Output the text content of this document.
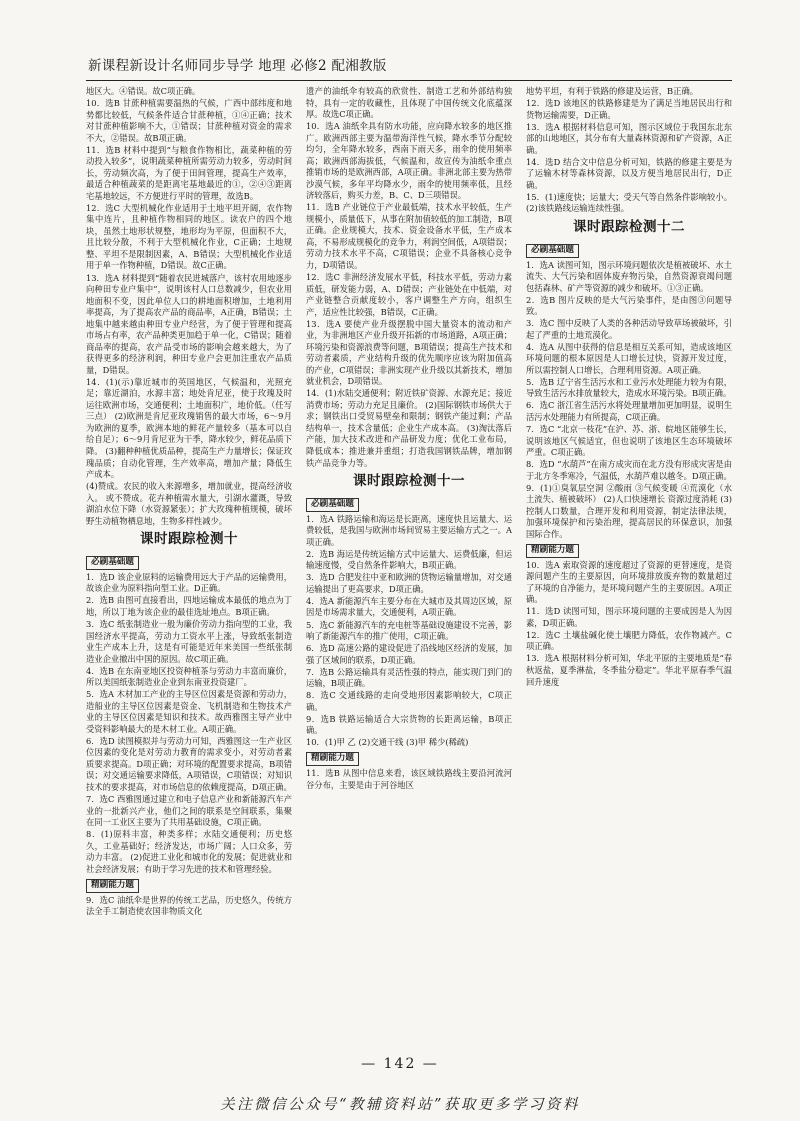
新课程新设计名师同步导学 地理 必修2 配湘教版

地区大。④错误。故C项正确。

10．选B 甘蔗种植需要温热的气候，广西中部纬度和地势都比较低，气候条件适合甘蔗种植，①④正确；技术对甘蔗种植影响不大，①错误；甘蔗种植对资金的需求不大，②错误。故B项正确。

11．选B 材料中提到“与粮食作物相比，蔬菜种植的劳动投入较多”，说明蔬菜种植所需劳动力较多，劳动时间长，劳动频次高，为了便于田间管理，提高生产效率，最适合种植蔬菜的是距离宅基地最近的①，②④③距离宅基地较远，不方便进行平时的管理，故选B。

12．选C 大型机械化作业适用于土地平坦开阔，农作物集中连片，且种植作物相同的地区。读农户的四个地块，虽然土地形状规整，地形均为平原，但面积不大，且比较分散，不利于大型机械化作业，C正确；土地规整、平坦不是限制因素，A、B错误；大型机械化作业适用于单一作物种植，D错误。故C正确。

13．选A 材料提到“随着农民进城落户，该村农用地逐步向种田专业户集中”，说明该村人口总数减少，但农业用地面积不变，因此单位人口的耕地面积增加，土地利用率提高，为了提高农产品的商品率，A正确，B错误；土地集中越来越由种田专业户经营，为了便于管理和提高市场占有率，农产品种类更加趋于单一化，C错误；随着商品率的提高，农产品受市场的影响会越来越大，为了获得更多的经济利润，种田专业户会更加注重农产品质量，D错误。

14．(1)(示)靠近城市的英国地区，气候温和，光照充足；靠近湖泊，水源丰富；地处肯尼亚，使于玫瑰及时运往欧洲市场，交通便利；土地面积广，地价低。（任写三点） (2)欧洲是肯尼亚玫瑰销售的最大市场，6～9月为欧洲的夏季，欧洲本地的鲜花产量较多（基本可以自给自足）；6～9月肯尼亚为干季，降水较少，鲜花品质下降。 (3)翻种种植优质品种，提高生产力量增长；保证玫瑰品质；自动化管理，生产效率高，增加产量；降低生产成本。

(4)赞成。农民的收入来源增多，增加就业，提高经济收入。 或不赞成。花卉种植需水量大，引湖水灌溉，导致湖泊水位下降（水资源紧张）；扩大玫瑰种植规模，破坏野生动植物栖息地，生物多样性减少。

课时跟踪检测十
必刷基础题

1．选D 该企业原料的运输费用远大于产品的运输费用，故该企业为原料指向型工业。D正确。

2．选B 由图可直接看出，四地运输成本最低的地点为丁地，所以丁地为该企业的最佳选址地点。B项正确。

3．选C 纸张制造业一般为廉价劳动力指向型的工业，我国经济水平提高，劳动力工资水平上涨，导致纸张制造业生产成本上升，这是有可能是近年来美国一些纸张制造业企业撤出中国的原因。故C项正确。

4．选B 在东南亚地区投资种植茶与劳动力丰富而廉价，所以美国纸张制造业企业到东南亚投资建厂。

5．选A 木材加工产业的主导区位因素是资源和劳动力，造船业的主导区位因素是资金、飞机制造和生物技术产业的主导区位因素是知识和技术。故西雅图主导产业中受资料影响最大的是木材工业。A项正确。

6．选D 读图模拟并与劳动力可知，西雅图这一生产业区位因素的变化是对劳动力教育的需求变小，对劳动者素质要求提高。D项正确；对环境的配置要求提高，B项错误；对交通运输要求降低，A项错误，C项错误；对知识技术的要求提高，对市场信息的依赖度提高，D项正确。

7．选C 西雅图通过建立和电子信息产业和新能源汽车产业的一批新兴产业，他们之间的联系是空间联系，集聚在同一工业区主要为了共用基础设施，C项正确。

8．(1)原料丰富，种类多样；水陆交通便利；历史悠久，工业基础好；经济发达，市场广阔；人口众多，劳动力丰富。 (2)促进工业化和城市化的发展；促进就业和社会经济发展；有助于学习先进的技术和管理经验。

精刷能力题

9．选C 油纸伞是世界的传统工艺品，历史悠久，传统方法全手工制造使农国非物质文化

遗产的油纸伞有较高的欣赏性、制造工艺和外部结构独特，具有一定的收藏性，且体现了中国传统文化底蕴深厚。故选C项正确。

10．选A 油纸伞具有防水功能，应向降水较多的地区推广。欧洲西部主要为温带海洋性气候，降水季节分配较均匀，全年降水较多，西南下雨天多，雨伞的使用频率高；欧洲西部海拔低，气候温和，故宣传为油纸伞重点推销市场的是欧洲西部，A项正确。非洲北部主要为热带沙漠气候，多年平均降水少，雨伞的使用频率低，且经济较落后，购买力差，B、C、D三项错误。

11．选B 产业链位于产业最低端，技术水平较低，生产规模小，质量低下，从事在附加值较低的加工制造，B项正确。企业规模大，技术、资金设备水平低，生产成本高，不易形成规模化的竞争力，利润空间低，A项错误；劳动力技术水平不高，C项错误；企业不具备核心竞争力，D项错误。

12．选C 非洲经济发展水平低，科技水平低，劳动力素质低，研发能力弱，A、D错误；产业链处在中低端，对产业链整合贡献度较小，客户调整生产方向，组织生产，适应性比较强，B错误，C正确。

13．选A 要使产业升级摆脱中国大量资本的流动和产业，为非洲地区产业升级开拓新的市场道路，A项正确；环境污染和资源浪费等问题，B项错误；提高生产技术和劳动者素质，产业结构升级的优先顺序应该为附加值高的产业，C项错误；非洲实现产业升级以其新技术，增加就业机会，D项错误。

14．(1)水陆交通便利；附近铁矿资源、水源充足；接近消费市场；劳动力充足且廉价。 (2)国际钢铁市场供大于求；钢铁出口受贸易壁垒和限制；钢铁产能过剩；产品结构单一，技术含量低；企业生产成本高。 (3)淘汰落后产能，加大技术改进和产品研发力度；优化工业布局，降低成本；推进兼并重组；打造我国钢铁品牌，增加钢铁产品竞争力等。

课时跟踪检测十一
必刷基础题

1．选A 铁路运输和海运是长距离，速度快且运量大、运费较低，是我国与欧洲市场间贸易主要运输方式之一。A项正确。

2．选B 海运是传统运输方式中运量大、运费低廉，但运输速度慢，受自然条件影响大，B项正确。

3．选D 合肥发往中亚和欧洲的货物运输量增加，对交通运输提出了更高要求，D项正确。

4．选A 新能源汽车主要分布在大城市及其周边区域，原因是市场需求量大，交通便利，A项正确。

5．选C 新能源汽车的充电桩等基础设施建设不完善，影响了新能源汽车的推广使用，C项正确。

6．选D 高速公路的建设促进了沿线地区经济的发展，加强了区域间的联系，D项正确。

7．选B 公路运输具有灵活性强的特点，能实现门到门的运输，B项正确。

8．选C 交通线路的走向受地形因素影响较大，C项正确。

9．选B 铁路运输适合大宗货物的长距离运输，B项正确。

10．(1)甲 乙 (2)交通干线 (3)甲 稀少(稀疏)

精刷能力题

11．选B 从图中信息来看，该区域铁路线主要沿河流河谷分布，主要是由于河谷地区

地势平坦，有利于铁路的修建及运营，B正确。

12．选D 该地区的铁路修建是为了满足当地居民出行和货物运输需要，D正确。

13．选A 根据材料信息可知，图示区域位于我国东北东部的山地地区，其分布有大量森林资源和矿产资源，A正确。

14．选D 结合文中信息分析可知，铁路的修建主要是为了运输木材等森林资源，以及方便当地居民出行，D正确。

15．(1)速度快；运量大；受天气等自然条件影响较小。 (2)该铁路线运输连续性强。

课时跟踪检测十二
必刷基础题

1．选A 读图可知，图示环境问题依次是植被破坏、水土流失、大气污染和固体废弃物污染，自然资源衰竭问题包括森林、矿产等资源的减少和破坏。①③正确。

2．选B 图片反映的是大气污染事件，是由图③问题导致。

3．选C 图中反映了人类的各种活动导致草场被破坏，引起了严重的土地荒漠化。

4．选A 从图中获得的信息是相互关系可知，造成该地区环境问题的根本原因是人口增长过快，资源开发过度，所以需控制人口增长，合理利用资源。A项正确。

5．选B 辽宁省生活污水和工业污水处理能力较为有限，导致生活污水排放量较大，造成水环境污染。B项正确。

6．选C 浙江省生活污水将处理量增加更加明显，说明生活污水处理能力有所提高，C项正确。

7．选C “北京一枝花”在沪、苏、浙、皖地区能够生长，说明该地区气候适宜，但也说明了该地区生态环境破坏严重。C项正确。

8．选D “水葫芦”在南方成灾而在北方没有形成灾害是由于北方冬季寒冷，气温低，水葫芦难以越冬。D项正确。

9．(1)①臭氧层空洞 ②酸雨 ③气候变暖 ④荒漠化（水土流失、植被破坏） (2)人口快速增长 资源过度消耗 (3)控制人口数量，合理开发和利用资源，制定法律法规，加强环境保护和污染治理，提高居民的环保意识，加强国际合作。

精刷能力题

10．选A 索取资源的速度超过了资源的更替速度，是资源问题产生的主要原因，向环境排放废弃物的数量超过了环境的自净能力，是环境问题产生的主要原因。A项正确。

11．选D 读图可知，图示环境问题的主要成因是人为因素，D项正确。

12．选C 土壤盐碱化使土壤肥力降低，农作物减产。C项正确。

13．选A 根据材料分析可知，华北平原的主要地质是“春秋返盐，夏季淋盐，冬季盐分稳定”。华北平原春季气温回升速度

— 142 —
关注微信公众号“教辅资料站”获取更多学习资料
